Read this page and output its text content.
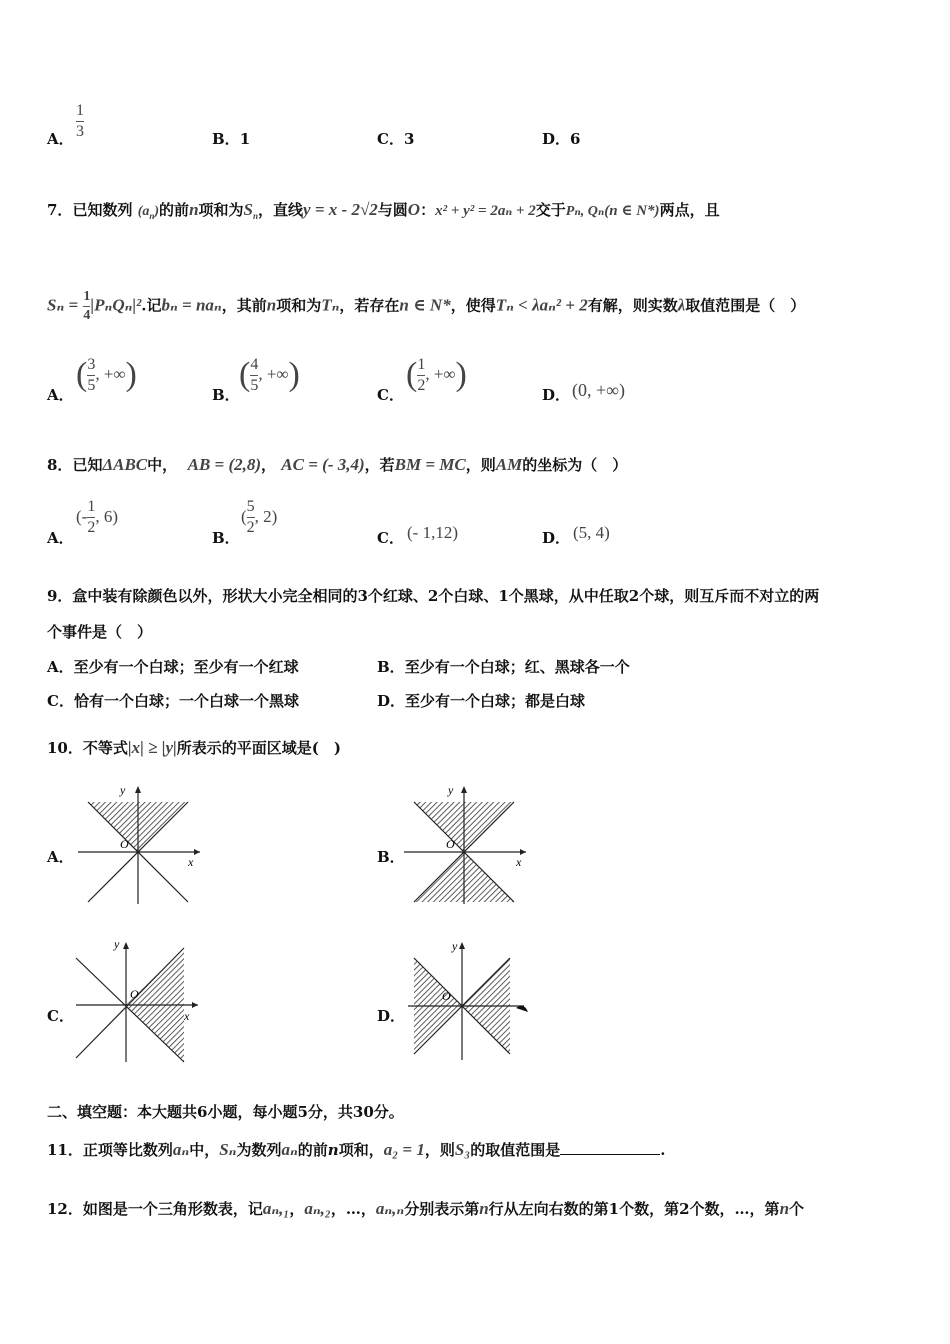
A． $\frac{1}{3}$	B．1	C．3	D．6
7．已知数列 $(a_n)$的前n项和为$S_n$，直线y = x - 2√2与圆O：x² + y² = 2aₙ + 2交于Pₙ, Qₙ(n ∈ N*)两点，且
$S_n = \frac{1}{4} |P_nQ_n|^2$.记bₙ = naₙ，其前n项和为Tₙ，若存在n ∈ N*，使得Tₙ < λaₙ² + 2有解，则实数λ取值范围是（　）
A．
( $\frac{3}{5}$ , +∞)
B．
( $\frac{4}{5}$ , +∞)
C．
( $\frac{1}{2}$ , +∞)
D． (0, +∞)
8．已知ΔABC中， AB = (2,8)， AC = (- 3,4)，若BM = MC，则AM的坐标为（　）
A．
(- $\frac{1}{2}$ , 6)
B．
( $\frac{5}{2}$ , 2)
C． (- 1,12)	D． (5, 4)
9．盒中装有除颜色以外，形状大小完全相同的3个红球、2个白球、1个黑球，从中任取2个球，则互斥而不对立的两
个事件是（　）
A．至少有一个白球；至少有一个红球	B．至少有一个白球；红、黑球各一个
C．恰有一个白球；一个白球一个黑球	D．至少有一个白球；都是白球
10．不等式|x| ≥ |y|所表示的平面区域是(　)
A．
y
O
x	B．
y
O
x
C．
y
O
x	D．
y
O
二、填空题：本大题共6小题，每小题5分，共30分。
11．正项等比数列aₙ中，Sₙ为数列aₙ的前n项和，a₂ = 1，则S₃的取值范围是	.
12．如图是一个三角形数表，记aₙ,₁，aₙ,₂，…，aₙ,ₙ分别表示第n行从左向右数的第1个数，第2个数，…，第n个
